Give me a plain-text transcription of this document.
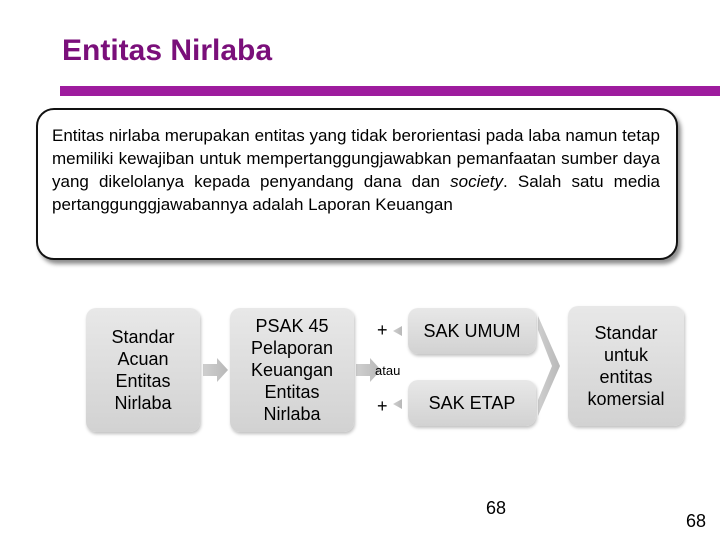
Entitas Nirlaba
Entitas nirlaba merupakan entitas yang tidak berorientasi pada laba namun tetap memiliki kewajiban untuk mempertanggungjawabkan pemanfaatan sumber daya yang dikelolanya kepada penyandang dana dan society. Salah satu media pertanggunggjawabannya adalah Laporan Keuangan
Standar
Acuan
Entitas
Nirlaba
PSAK 45
Pelaporan
Keuangan
Entitas
Nirlaba
+
atau
+
SAK UMUM
SAK ETAP
Standar
untuk
entitas
komersial
68
68
